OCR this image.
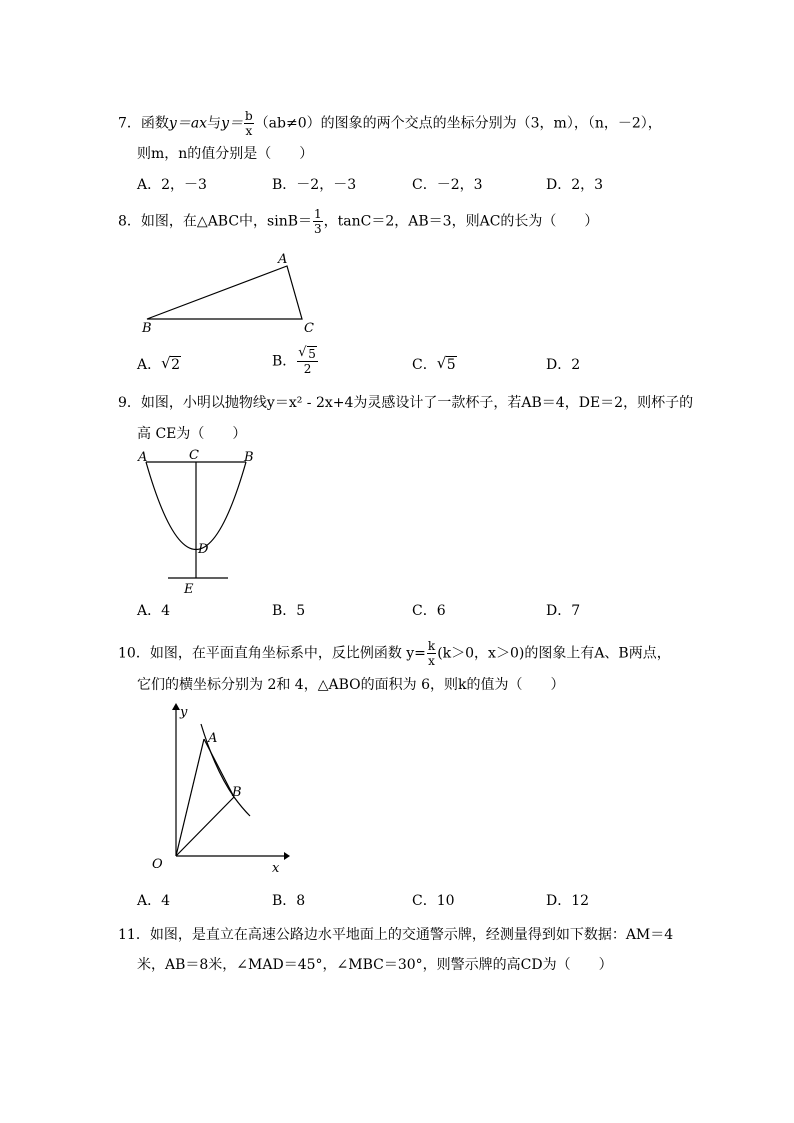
7．函数y＝ax与$y= \frac{b}{x} (ab\ne 0)$的图象的两个交点的坐标分别为（3，m），（n，－2），
则m，n的值分别是（　　）
A．2，－3	B．－2，－3	C．－2，3	D．2，3
8．如图，在△ABC中，$\sin B= \frac{1}{3}$ ，tanC＝2，AB＝3，则AC的长为（　　）
A
B	C
A． √ 2	B． $\frac{√ 5}{2}$	C． √ 5	D．2
9．如图，小明以抛物线y＝x² - 2x+4为灵感设计了一款杯子，若AB＝4，DE＝2，则杯子的
高 CE为（　　）
A	C	B
D
E
A．4	B．5	C．6	D．7
10．如图，在平面直角坐标系中，反比例函数 $y= \frac{k}{x} (k>0$，x＞0)的图象上有A、B两点，
它们的横坐标分别为 2和 4，△ABO的面积为 6，则k的值为（　　）
y
A
B
O	x
A．4	B．8	C．10	D．12
11．如图，是直立在高速公路边水平地面上的交通警示牌，经测量得到如下数据：AM＝4
米，AB＝8米，∠MAD＝45°，∠MBC＝30°，则警示牌的高CD为（　　）
